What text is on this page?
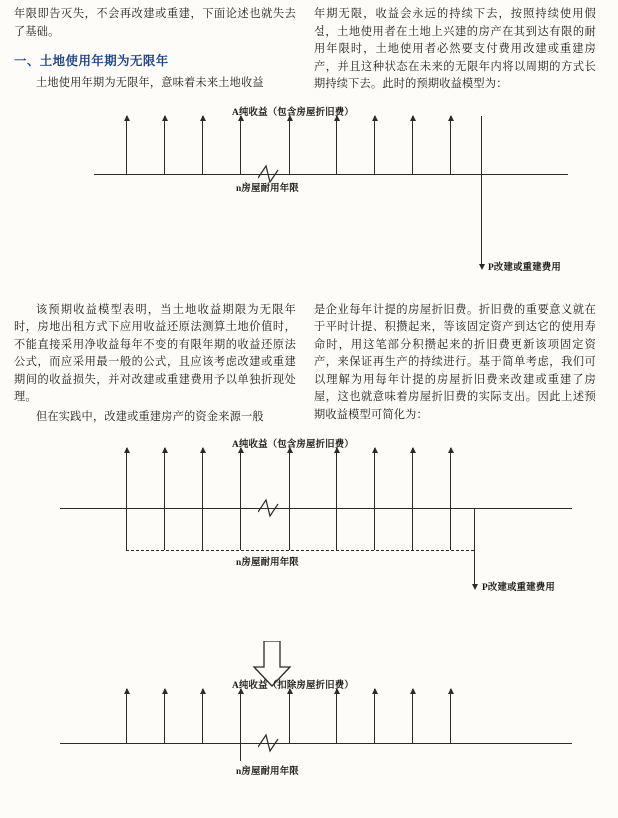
年限即告灭失，不会再改建或重建，下面论述也就失去了基础。

一、土地使用年期为无限年

土地使用年期为无限年，意味着未来土地收益

年期无限，收益会永远的持续下去，按照持续使用假설，土地使用者在土地上兴建的房产在其到达有限的耐用年限时，土地使用者必然要支付费用改建或重建房产，并且这种状态在未来的无限年内将以周期的方式长期持续下去。此时的预期收益模型为：

A纯收益（包含房屋折旧费）
n房屋耐用年限
P改建或重建费用

该预期收益模型表明，当土地收益期限为无限年时，房地出租方式下应用收益还原法测算土地价值时，不能直接采用净收益每年不变的有限年期的收益还原法公式，而应采用最一般的公式，且应该考虑改建或重建期间的收益损失，并对改建或重建费用予以单独折现处理。

但在实践中，改建或重建房产的资金来源一般

是企业每年计提的房屋折旧费。折旧费的重要意义就在于平时计提、积攒起来，等该固定资产到达它的使用寿命时，用这笔部分积攒起来的折旧费更新该项固定资产，来保证再生产的持续进行。基于简单考虑，我们可以理解为用每年计提的房屋折旧费来改建或重建了房屋，这也就意味着房屋折旧费的实际支出。因此上述预期收益模型可简化为：

A纯收益（包含房屋折旧费）
n房屋耐用年限
P改建或重建费用
A纯收益（扣除房屋折旧费）
n房屋耐用年限
